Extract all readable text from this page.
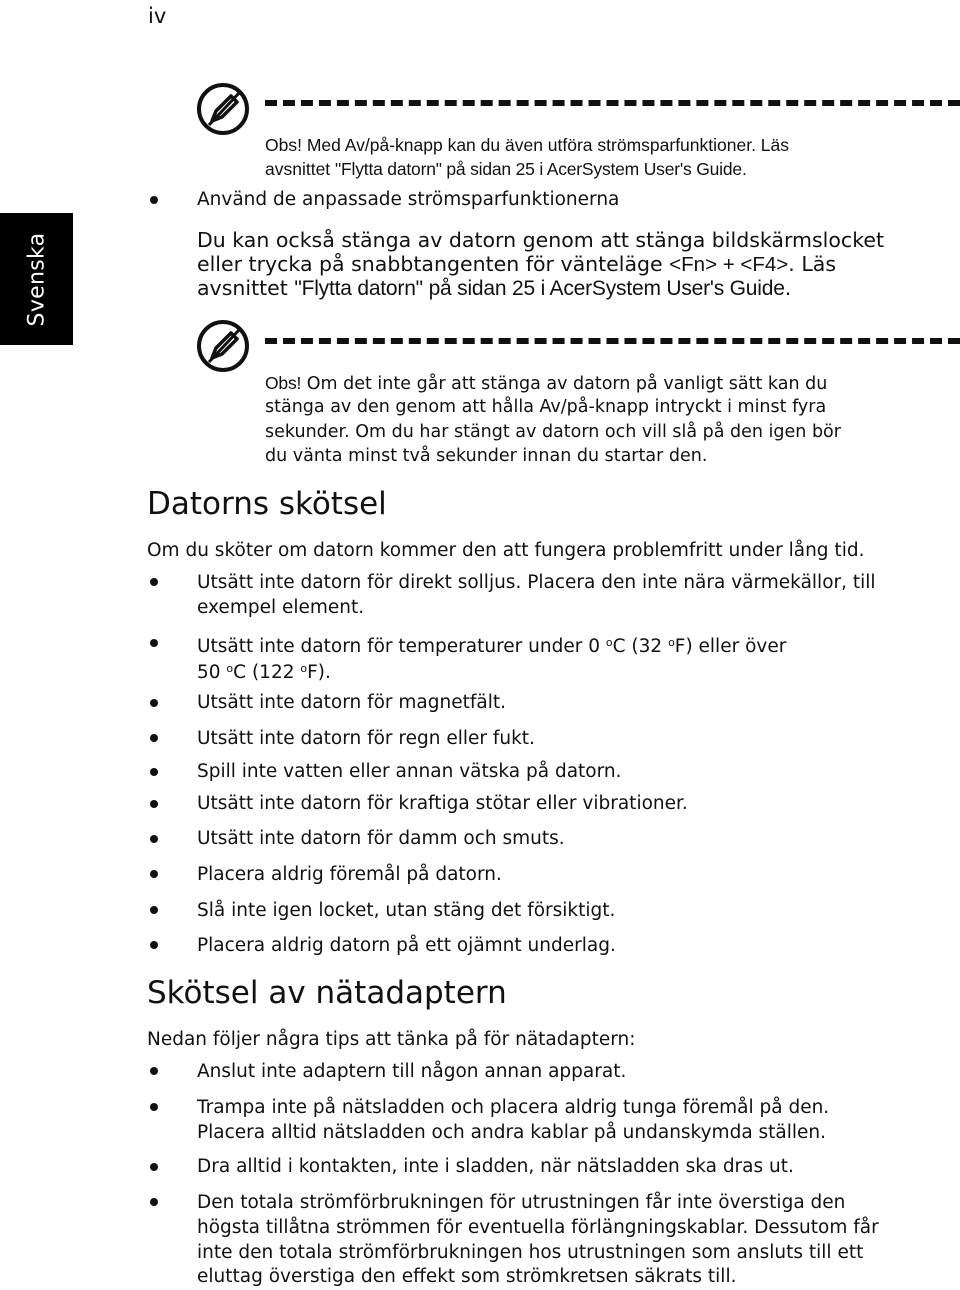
iv
Svenska
Obs! Med Av/på-knapp kan du även utföra strömsparfunktioner. Läs
avsnittet "Flytta datorn" på sidan 25 i AcerSystem User's Guide.
Använd de anpassade strömsparfunktionerna
Du kan också stänga av datorn genom att stänga bildskärmslocket
eller trycka på snabbtangenten för vänteläge <Fn> + <F4>. Läs
avsnittet "Flytta datorn" på sidan 25 i AcerSystem User's Guide.
Obs! Om det inte går att stänga av datorn på vanligt sätt kan du
stänga av den genom att hålla Av/på-knapp intryckt i minst fyra
sekunder. Om du har stängt av datorn och vill slå på den igen bör
du vänta minst två sekunder innan du startar den.
Datorns skötsel
Om du sköter om datorn kommer den att fungera problemfritt under lång tid.
Utsätt inte datorn för direkt solljus. Placera den inte nära värmekällor, till
exempel element.
Utsätt inte datorn för temperaturer under 0 $^o$C (32 $^o$F) eller över
50 $^o$C (122 $^o$F).
Utsätt inte datorn för magnetfält.
Utsätt inte datorn för regn eller fukt.
Spill inte vatten eller annan vätska på datorn.
Utsätt inte datorn för kraftiga stötar eller vibrationer.
Utsätt inte datorn för damm och smuts.
Placera aldrig föremål på datorn.
Slå inte igen locket, utan stäng det försiktigt.
Placera aldrig datorn på ett ojämnt underlag.
Skötsel av nätadaptern
Nedan följer några tips att tänka på för nätadaptern:
Anslut inte adaptern till någon annan apparat.
Trampa inte på nätsladden och placera aldrig tunga föremål på den.
Placera alltid nätsladden och andra kablar på undanskymda ställen.
Dra alltid i kontakten, inte i sladden, när nätsladden ska dras ut.
Den totala strömförbrukningen för utrustningen får inte överstiga den
högsta tillåtna strömmen för eventuella förlängningskablar. Dessutom får
inte den totala strömförbrukningen hos utrustningen som ansluts till ett
eluttag överstiga den effekt som strömkretsen säkrats till.
